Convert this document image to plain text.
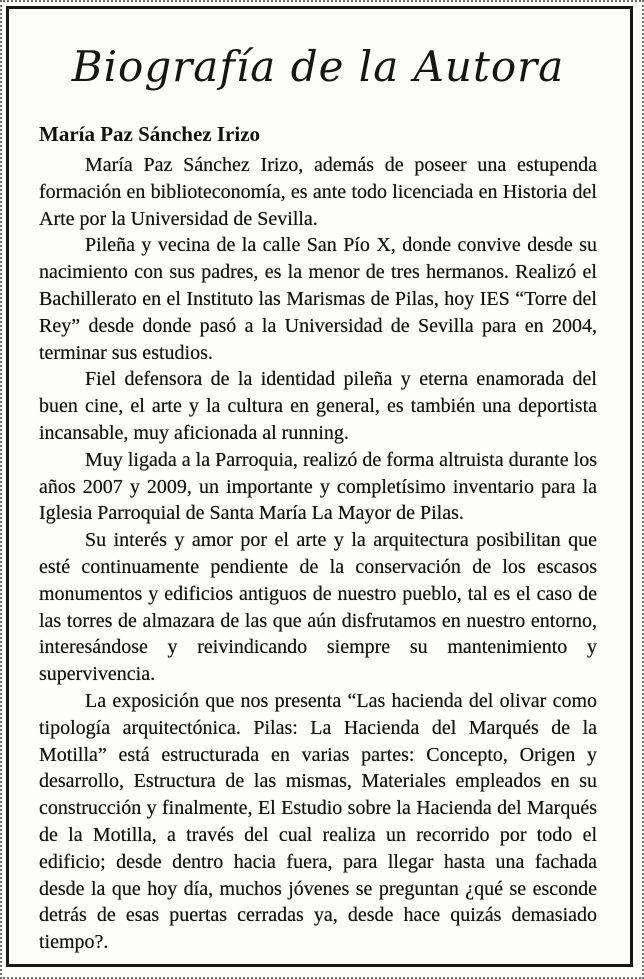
Biografía de la Autora
María Paz Sánchez Irizo

María Paz Sánchez Irizo, además de poseer una estupenda formación en biblioteconomía, es ante todo licenciada en Historia del Arte por la Universidad de Sevilla.

Pileña y vecina de la calle San Pío X, donde convive desde su nacimiento con sus padres, es la menor de tres hermanos. Realizó el Bachillerato en el Instituto las Marismas de Pilas, hoy IES “Torre del Rey” desde donde pasó a la Universidad de Sevilla para en 2004, terminar sus estudios.

Fiel defensora de la identidad pileña y eterna enamorada del buen cine, el arte y la cultura en general, es también una deportista incansable, muy aficionada al running.

Muy ligada a la Parroquia, realizó de forma altruista durante los años 2007 y 2009, un importante y completísimo inventario para la Iglesia Parroquial de Santa María La Mayor de Pilas.

Su interés y amor por el arte y la arquitectura posibilitan que esté continuamente pendiente de la conservación de los escasos monumentos y edificios antiguos de nuestro pueblo, tal es el caso de las torres de almazara de las que aún disfrutamos en nuestro entorno, interesándose y reivindicando siempre su mantenimiento y supervivencia.

La exposición que nos presenta “Las hacienda del olivar como tipología arquitectónica. Pilas: La Hacienda del Marqués de la Motilla” está estructurada en varias partes: Concepto, Origen y desarrollo, Estructura de las mismas, Materiales empleados en su construcción y finalmente, El Estudio sobre la Hacienda del Marqués de la Motilla, a través del cual realiza un recorrido por todo el edificio; desde dentro hacia fuera, para llegar hasta una fachada desde la que hoy día, muchos jóvenes se preguntan ¿qué se esconde detrás de esas puertas cerradas ya, desde hace quizás demasiado tiempo?.
